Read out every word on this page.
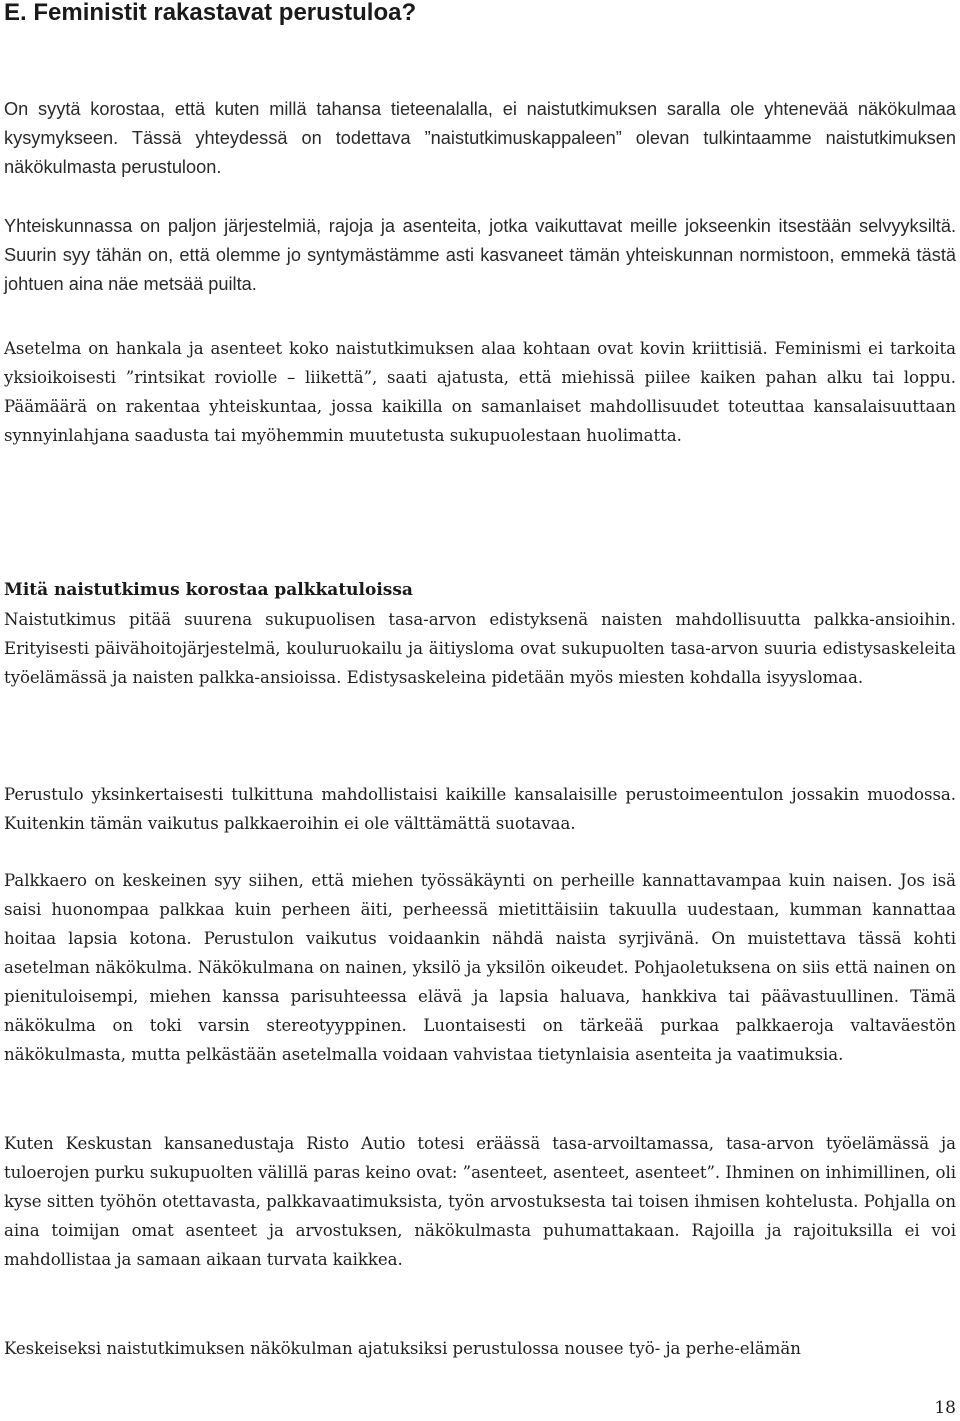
E. Feministit rakastavat perustuloa?

On syytä korostaa, että kuten millä tahansa tieteenalalla, ei naistutkimuksen saralla ole yhtenevää näkökulmaa kysymykseen. Tässä yhteydessä on todettava ”naistutkimuskappaleen” olevan tulkintaamme naistutkimuksen näkökulmasta perustuloon.

Yhteiskunnassa on paljon järjestelmiä, rajoja ja asenteita, jotka vaikuttavat meille jokseenkin itsestään selvyyksiltä. Suurin syy tähän on, että olemme jo syntymästämme asti kasvaneet tämän yhteiskunnan normistoon, emmekä tästä johtuen aina näe metsää puilta.

Asetelma on hankala ja asenteet koko naistutkimuksen alaa kohtaan ovat kovin kriittisiä. Feminismi ei tarkoita yksioikoisesti ”rintsikat roviolle – liikettä”, saati ajatusta, että miehissä piilee kaiken pahan alku tai loppu. Päämäärä on rakentaa yhteiskuntaa, jossa kaikilla on samanlaiset mahdollisuudet toteuttaa kansalaisuuttaan synnyinlahjana saadusta tai myöhemmin muutetusta sukupuolestaan huolimatta.

Mitä naistutkimus korostaa palkkatuloissa

Naistutkimus pitää suurena sukupuolisen tasa-arvon edistyksenä naisten mahdollisuutta palkka-ansioihin. Erityisesti päivähoitojärjestelmä, kouluruokailu ja äitiysloma ovat sukupuolten tasa-arvon suuria edistysaskeleita työelämässä ja naisten palkka-ansioissa. Edistysaskeleina pidetään myös miesten kohdalla isyyslomaa.

Perustulo yksinkertaisesti tulkittuna mahdollistaisi kaikille kansalaisille perustoimeentulon jossakin muodossa. Kuitenkin tämän vaikutus palkkaeroihin ei ole välttämättä suotavaa.

Palkkaero on keskeinen syy siihen, että miehen työssäkäynti on perheille kannattavampaa kuin naisen. Jos isä saisi huonompaa palkkaa kuin perheen äiti, perheessä mietittäisiin takuulla uudestaan, kumman kannattaa hoitaa lapsia kotona. Perustulon vaikutus voidaankin nähdä naista syrjivänä. On muistettava tässä kohti asetelman näkökulma. Näkökulmana on nainen, yksilö ja yksilön oikeudet. Pohjaoletuksena on siis että nainen on pienituloisempi, miehen kanssa parisuhteessa elävä ja lapsia haluava, hankkiva tai päävastuullinen. Tämä näkökulma on toki varsin stereotyyppinen. Luontaisesti on tärkeää purkaa palkkaeroja valtaväestön näkökulmasta, mutta pelkästään asetelmalla voidaan vahvistaa tietynlaisia asenteita ja vaatimuksia.

Kuten Keskustan kansanedustaja Risto Autio totesi eräässä tasa-arvoiltamassa, tasa-arvon työelämässä ja tuloerojen purku sukupuolten välillä paras keino ovat: ”asenteet, asenteet, asenteet”. Ihminen on inhimillinen, oli kyse sitten työhön otettavasta, palkkavaatimuksista, työn arvostuksesta tai toisen ihmisen kohtelusta. Pohjalla on aina toimijan omat asenteet ja arvostuksen, näkökulmasta puhumattakaan. Rajoilla ja rajoituksilla ei voi mahdollistaa ja samaan aikaan turvata kaikkea.

Keskeiseksi naistutkimuksen näkökulman ajatuksiksi perustulossa nousee työ- ja perhe-elämän

18
